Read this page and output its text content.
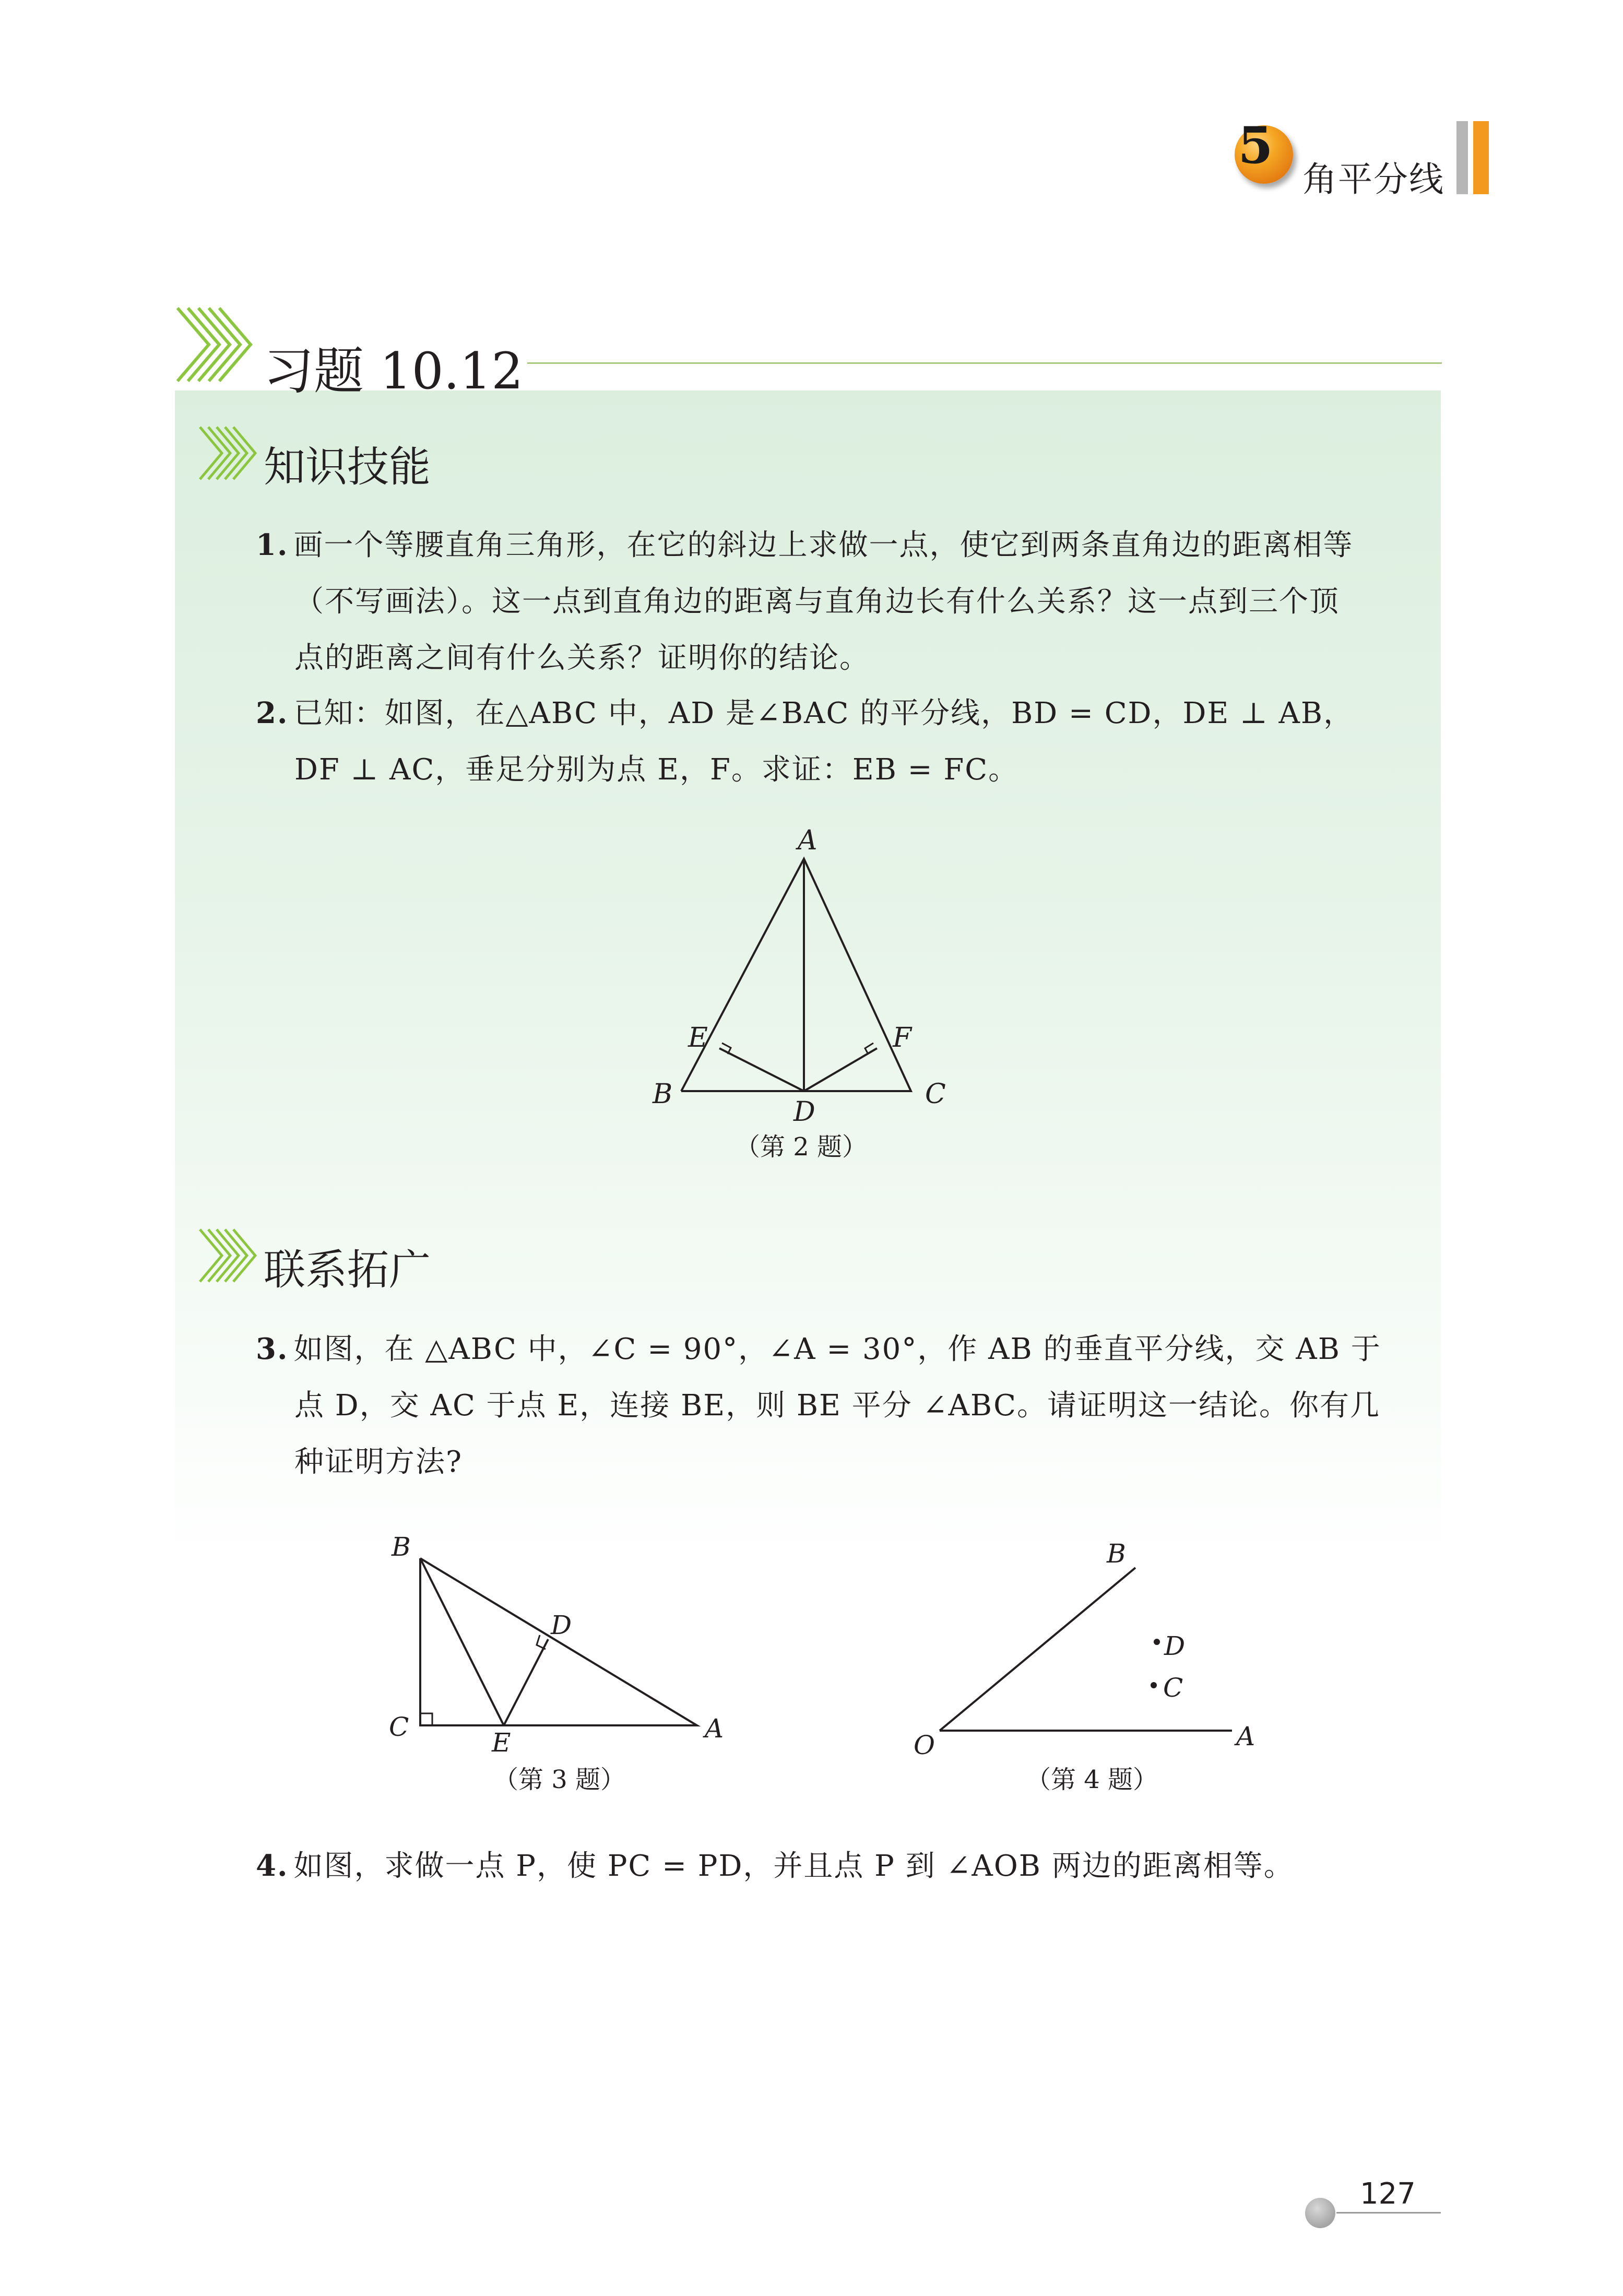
5
角平分线
习题 10.12
知识技能
1. 画一个等腰直角三角形，在它的斜边上求做一点，使它到两条直角边的距离相等
（不写画法）。这一点到直角边的距离与直角边长有什么关系？这一点到三个顶
点的距离之间有什么关系？证明你的结论。
2. 已知：如图，在△ABC 中，AD 是∠BAC 的平分线，BD = CD，DE ⊥ AB，
DF ⊥ AC，垂足分别为点 E，F。求证：EB = FC。
A
B	C
D
E	F
（第 2 题）
联系拓广
3. 如图，在 △ABC 中，∠C = 90°，∠A = 30°，作 AB 的垂直平分线，交 AB 于
点 D，交 AC 于点 E，连接 BE，则 BE 平分 ∠ABC。请证明这一结论。你有几
种证明方法?
B
D
C
E	A
（第 3 题）
B
D
C
O	A
（第 4 题）
4. 如图，求做一点 P，使 PC = PD，并且点 P 到 ∠AOB 两边的距离相等。
127
